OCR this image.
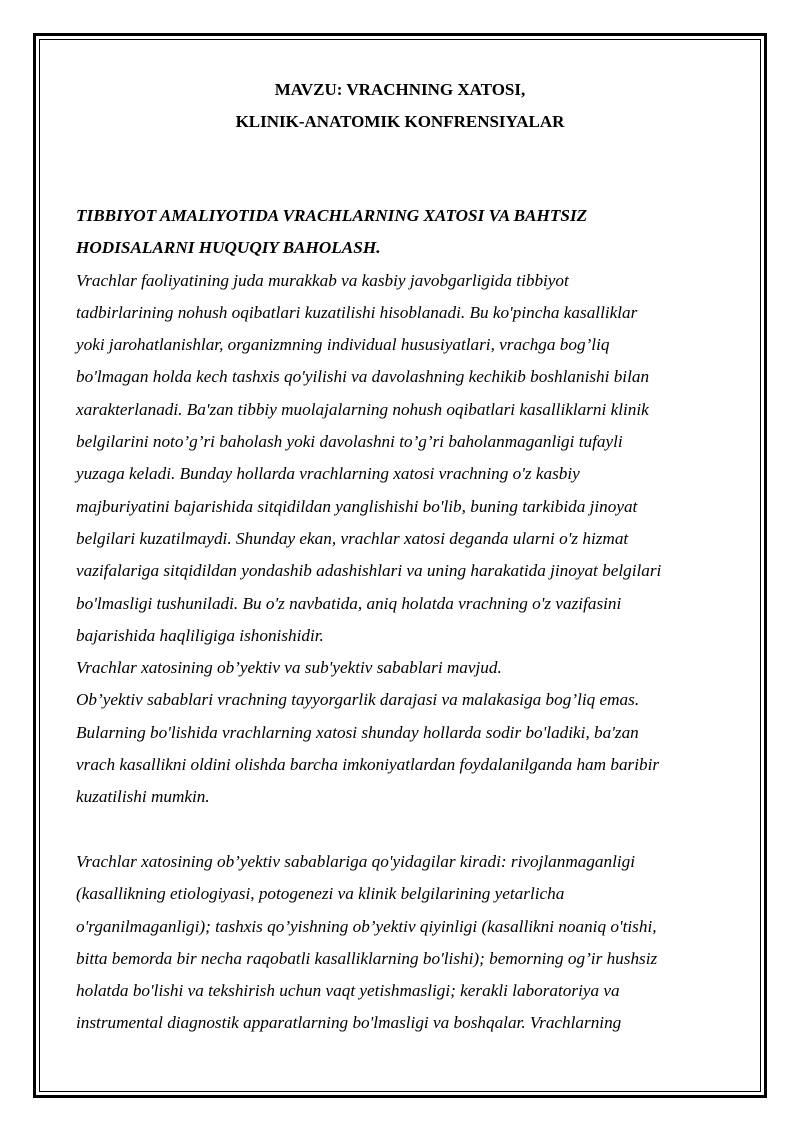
MAVZU: VRACHNING XATOSI,
KLINIK-ANATOMIK KONFRENSIYALAR

TIBBIYOT AMALIYOTIDA VRACHLARNING XATOSI VA BAHTSIZ

HODISALARNI HUQUQIY BAHOLASH.

Vrachlar faoliyatining juda murakkab va kasbiy javobgarligida tibbiyot

tadbirlarining nohush oqibatlari kuzatilishi hisoblanadi. Bu ko'pincha kasalliklar

yoki jarohatlanishlar, organizmning individual hususiyatlari, vrachga bog’liq

bo'lmagan holda kech tashxis qo'yilishi va davolashning kechikib boshlanishi bilan

xarakterlanadi. Ba'zan tibbiy muolajalarning nohush oqibatlari kasalliklarni klinik

belgilarini noto’g’ri baholash yoki davolashni to’g’ri baholanmaganligi tufayli

yuzaga keladi. Bunday hollarda vrachlarning xatosi vrachning o'z kasbiy

majburiyatini bajarishida sitqidildan yanglishishi bo'lib, buning tarkibida jinoyat

belgilari kuzatilmaydi. Shunday ekan, vrachlar xatosi deganda ularni o'z hizmat

vazifalariga sitqidildan yondashib adashishlari va uning harakatida jinoyat belgilari

bo'lmasligi tushuniladi. Bu o'z navbatida, aniq holatda vrachning o'z vazifasini

bajarishida haqliligiga ishonishidir.

Vrachlar xatosining ob’yektiv va sub'yektiv sabablari mavjud.

Ob’yektiv sabablari vrachning tayyorgarlik darajasi va malakasiga bog’liq emas.

Bularning bo'lishida vrachlarning xatosi shunday hollarda sodir bo'ladiki, ba'zan

vrach kasallikni oldini olishda barcha imkoniyatlardan foydalanilganda ham baribir

kuzatilishi mumkin.

Vrachlar xatosining ob’yektiv sabablariga qo'yidagilar kiradi: rivojlanmaganligi

(kasallikning etiologiyasi, potogenezi va klinik belgilarining yetarlicha

o'rganilmaganligi); tashxis qo’yishning ob’yektiv qiyinligi (kasallikni noaniq o'tishi,

bitta bemorda bir necha raqobatli kasalliklarning bo'lishi); bemorning og’ir hushsiz

holatda bo'lishi va tekshirish uchun vaqt yetishmasligi; kerakli laboratoriya va

instrumental diagnostik apparatlarning bo'lmasligi va boshqalar. Vrachlarning
